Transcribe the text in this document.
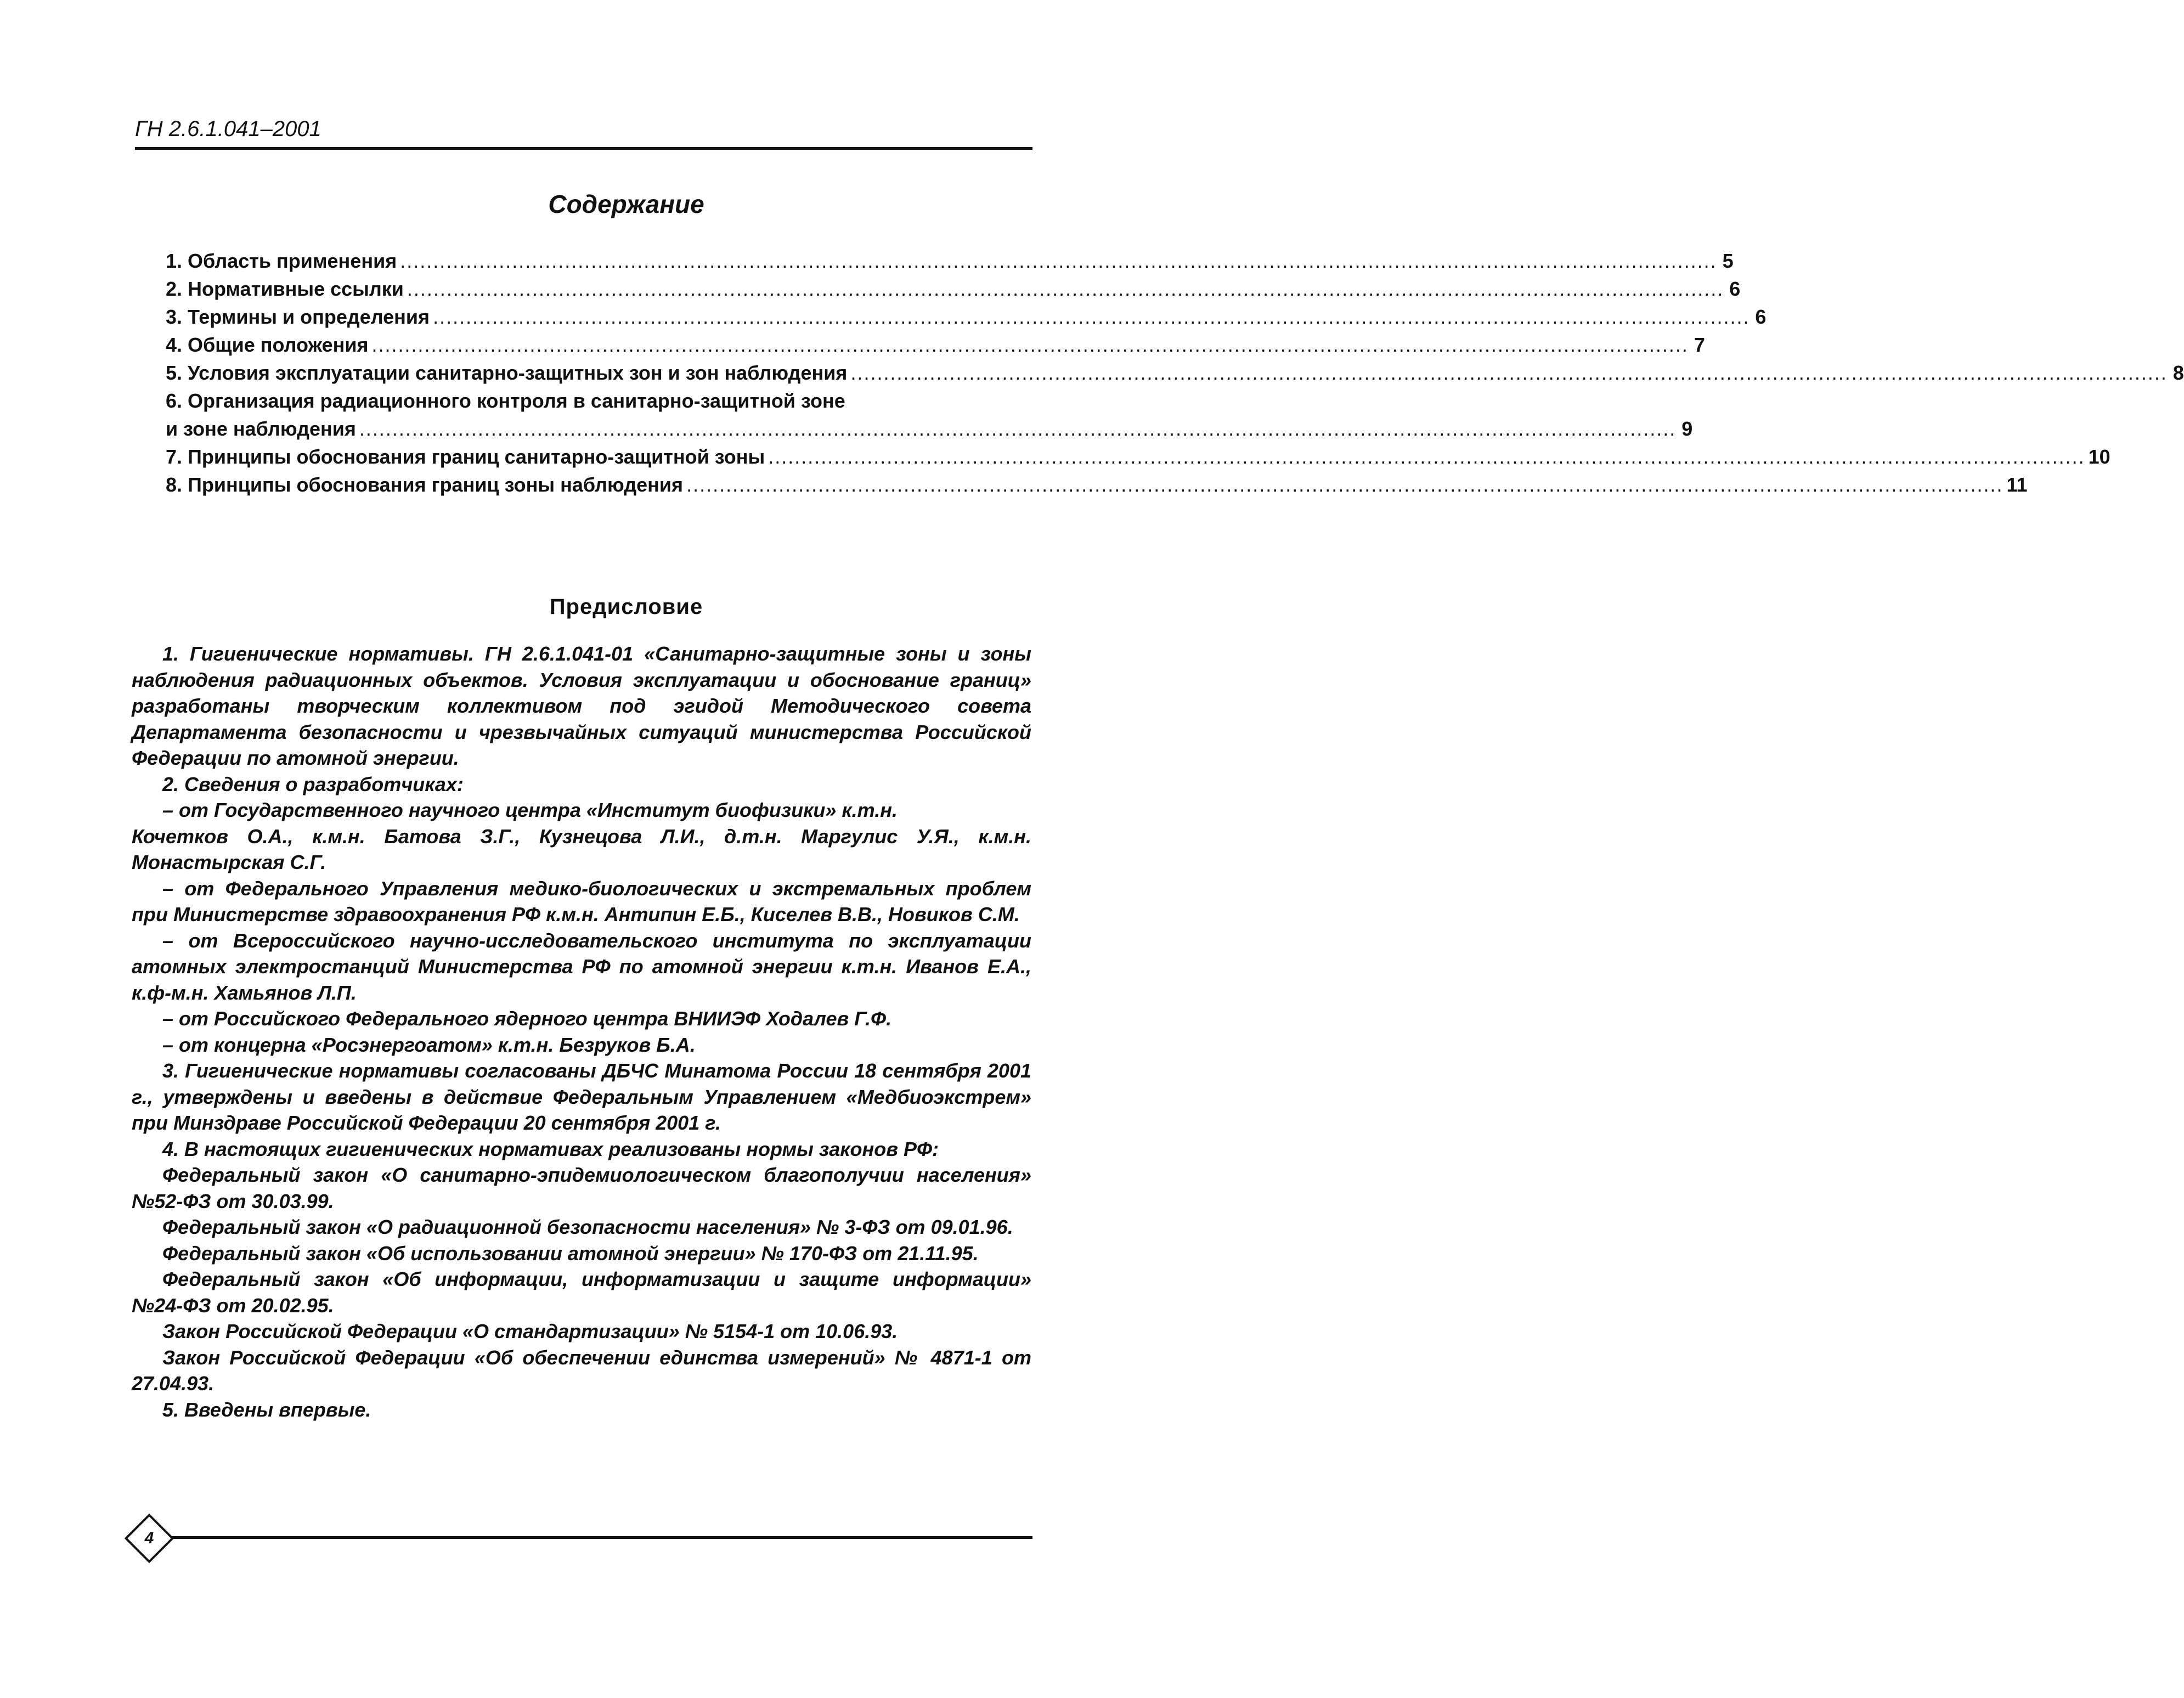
ГН 2.6.1.041–2001
Содержание
1. Область применения ........................................................................................................................................................................................................ 5
2. Нормативные ссылки ........................................................................................................................................................................................................ 6
3. Термины и определения ........................................................................................................................................................................................................ 6
4. Общие положения ........................................................................................................................................................................................................ 7
5. Условия эксплуатации санитарно-защитных зон и зон наблюдения ........................................................................................................................................................................................................ 8
6. Организация радиационного контроля в санитарно-защитной зоне
и зоне наблюдения ........................................................................................................................................................................................................ 9
7. Принципы обоснования границ санитарно-защитной зоны ........................................................................................................................................................................................................ 10
8. Принципы обоснования границ зоны наблюдения ........................................................................................................................................................................................................ 11
Предисловие

1. Гигиенические нормативы. ГН 2.6.1.041-01 «Санитарно-защитные зоны и зоны наблюдения радиационных объектов. Условия эксплуатации и обоснование границ» разработаны творческим коллективом под эгидой Методического совета Департамента безопасности и чрезвычайных ситуаций министерства Российской Федерации по атомной энергии.

2. Сведения о разработчиках:

– от Государственного научного центра «Институт биофизики» к.т.н.

Кочетков О.А., к.м.н. Батова З.Г., Кузнецова Л.И., д.т.н. Маргулис У.Я., к.м.н. Монастырская С.Г.

– от Федерального Управления медико-биологических и экстремальных проблем при Министерстве здравоохранения РФ к.м.н. Антипин Е.Б., Киселев В.В., Новиков С.М.

– от Всероссийского научно-исследовательского института по эксплуатации атомных электростанций Министерства РФ по атомной энергии к.т.н. Иванов Е.А., к.ф-м.н. Хамьянов Л.П.

– от Российского Федерального ядерного центра ВНИИЭФ Ходалев Г.Ф.

– от концерна «Росэнергоатом» к.т.н. Безруков Б.А.

3. Гигиенические нормативы согласованы ДБЧС Минатома России 18 сентября 2001 г., утверждены и введены в действие Федеральным Управлением «Медбиоэкстрем» при Минздраве Российской Федерации 20 сентября 2001 г.

4. В настоящих гигиенических нормативах реализованы нормы законов РФ:

Федеральный закон «О санитарно-эпидемиологическом благополучии населения» №52-ФЗ от 30.03.99.

Федеральный закон «О радиационной безопасности населения» № 3-ФЗ от 09.01.96.

Федеральный закон «Об использовании атомной энергии» № 170-ФЗ от 21.11.95.

Федеральный закон «Об информации, информатизации и защите информации» №24-ФЗ от 20.02.95.

Закон Российской Федерации «О стандартизации» № 5154-1 от 10.06.93.

Закон Российской Федерации «Об обеспечении единства измерений» № 4871-1 от 27.04.93.

5. Введены впервые.

4
